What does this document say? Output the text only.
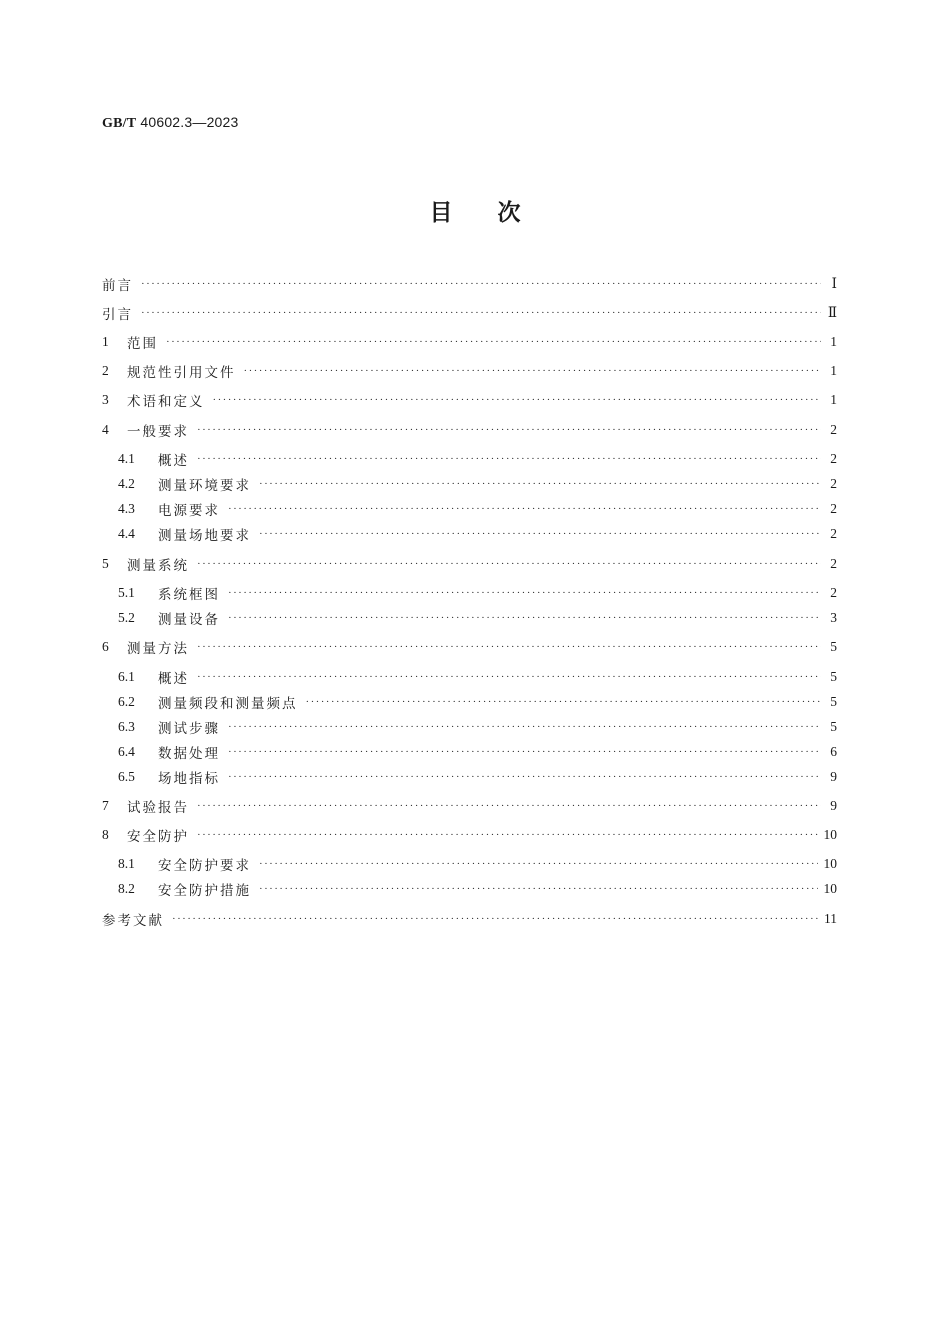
GB/T 40602.3—2023
目次
前言 ·····	Ⅰ
引言 ·····	Ⅱ
1	范围 ·····	1
2	规范性引用文件 ·····	1
3	术语和定义 ·····	1
4	一般要求 ·····	2
4.1	概述 ·····	2
4.2	测量环境要求 ·····	2
4.3	电源要求 ·····	2
4.4	测量场地要求 ·····	2
5	测量系统 ·····	2
5.1	系统框图 ·····	2
5.2	测量设备 ·····	3
6	测量方法 ·····	5
6.1	概述 ·····	5
6.2	测量频段和测量频点 ·····	5
6.3	测试步骤 ·····	5
6.4	数据处理 ·····	6
6.5	场地指标 ·····	9
7	试验报告 ·····	9
8	安全防护 ·····	10
8.1	安全防护要求 ·····	10
8.2	安全防护措施 ·····	10
参考文献 ·····	11
